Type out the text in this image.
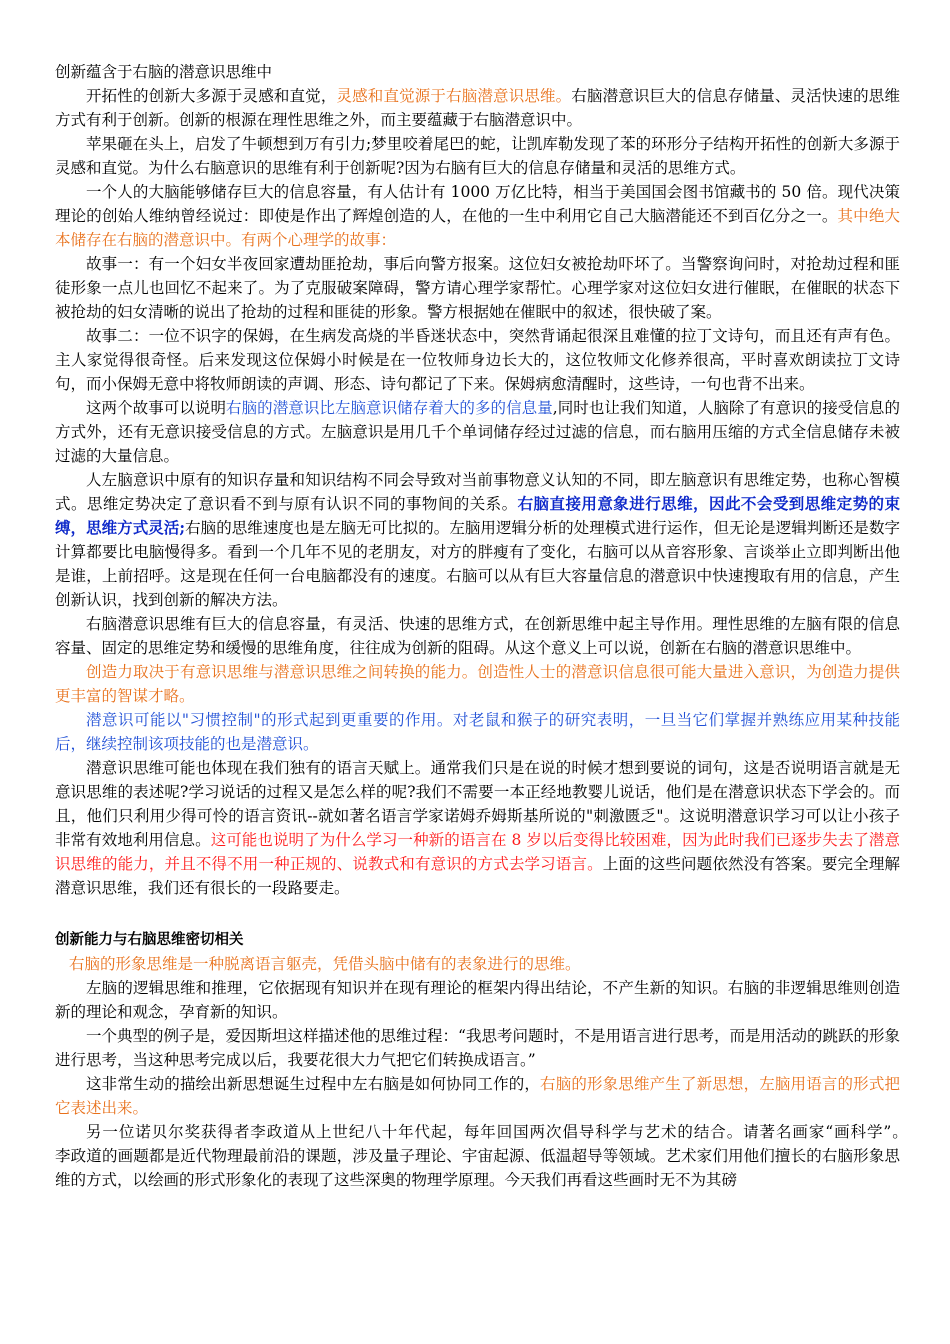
创新蕴含于右脑的潜意识思维中

开拓性的创新大多源于灵感和直觉，灵感和直觉源于右脑潜意识思维。右脑潜意识巨大的信息存储量、灵活快速的思维方式有利于创新。创新的根源在理性思维之外，而主要蕴藏于右脑潜意识中。

苹果砸在头上，启发了牛顿想到万有引力;梦里咬着尾巴的蛇，让凯库勒发现了苯的环形分子结构开拓性的创新大多源于灵感和直觉。为什么右脑意识的思维有利于创新呢?因为右脑有巨大的信息存储量和灵活的思维方式。

一个人的大脑能够储存巨大的信息容量，有人估计有 1000 万亿比特，相当于美国国会图书馆藏书的 50 倍。现代决策理论的创始人维纳曾经说过：即使是作出了辉煌创造的人，在他的一生中利用它自己大脑潜能还不到百亿分之一。其中绝大本储存在右脑的潜意识中。有两个心理学的故事：

故事一：有一个妇女半夜回家遭劫匪抢劫，事后向警方报案。这位妇女被抢劫吓坏了。当警察询问时，对抢劫过程和匪徒形象一点儿也回忆不起来了。为了克服破案障碍，警方请心理学家帮忙。心理学家对这位妇女进行催眠，在催眠的状态下被抢劫的妇女清晰的说出了抢劫的过程和匪徒的形象。警方根据她在催眠中的叙述，很快破了案。

故事二：一位不识字的保姆，在生病发高烧的半昏迷状态中，突然背诵起很深且难懂的拉丁文诗句，而且还有声有色。主人家觉得很奇怪。后来发现这位保姆小时候是在一位牧师身边长大的，这位牧师文化修养很高，平时喜欢朗读拉丁文诗句，而小保姆无意中将牧师朗读的声调、形态、诗句都记了下来。保姆病愈清醒时，这些诗，一句也背不出来。

这两个故事可以说明右脑的潜意识比左脑意识储存着大的多的信息量,同时也让我们知道，人脑除了有意识的接受信息的方式外，还有无意识接受信息的方式。左脑意识是用几千个单词储存经过过滤的信息，而右脑用压缩的方式全信息储存未被过滤的大量信息。

人左脑意识中原有的知识存量和知识结构不同会导致对当前事物意义认知的不同，即左脑意识有思维定势，也称心智模式。思维定势决定了意识看不到与原有认识不同的事物间的关系。右脑直接用意象进行思维，因此不会受到思维定势的束缚，思维方式灵活;右脑的思维速度也是左脑无可比拟的。左脑用逻辑分析的处理模式进行运作，但无论是逻辑判断还是数字计算都要比电脑慢得多。看到一个几年不见的老朋友，对方的胖瘦有了变化，右脑可以从音容形象、言谈举止立即判断出他是谁，上前招呼。这是现在任何一台电脑都没有的速度。右脑可以从有巨大容量信息的潜意识中快速搜取有用的信息，产生创新认识，找到创新的解决方法。

右脑潜意识思维有巨大的信息容量，有灵活、快速的思维方式，在创新思维中起主导作用。理性思维的左脑有限的信息容量、固定的思维定势和缓慢的思维角度，往往成为创新的阻碍。从这个意义上可以说，创新在右脑的潜意识思维中。

创造力取决于有意识思维与潜意识思维之间转换的能力。创造性人士的潜意识信息很可能大量进入意识，为创造力提供更丰富的智谋才略。

潜意识可能以"习惯控制"的形式起到更重要的作用。对老鼠和猴子的研究表明，一旦当它们掌握并熟练应用某种技能后，继续控制该项技能的也是潜意识。

潜意识思维可能也体现在我们独有的语言天赋上。通常我们只是在说的时候才想到要说的词句，这是否说明语言就是无意识思维的表述呢?学习说话的过程又是怎么样的呢?我们不需要一本正经地教婴儿说话，他们是在潜意识状态下学会的。而且，他们只利用少得可怜的语言资讯--就如著名语言学家诺姆乔姆斯基所说的"刺激匮乏"。这说明潜意识学习可以让小孩子非常有效地利用信息。这可能也说明了为什么学习一种新的语言在 8 岁以后变得比较困难，因为此时我们已逐步失去了潜意识思维的能力，并且不得不用一种正规的、说教式和有意识的方式去学习语言。上面的这些问题依然没有答案。要完全理解潜意识思维，我们还有很长的一段路要走。

创新能力与右脑思维密切相关

右脑的形象思维是一种脱离语言躯壳，凭借头脑中储有的表象进行的思维。

左脑的逻辑思维和推理，它依据现有知识并在现有理论的框架内得出结论，不产生新的知识。右脑的非逻辑思维则创造新的理论和观念，孕育新的知识。

一个典型的例子是，爱因斯坦这样描述他的思维过程：“我思考问题时，不是用语言进行思考，而是用活动的跳跃的形象进行思考，当这种思考完成以后，我要花很大力气把它们转换成语言。”

这非常生动的描绘出新思想诞生过程中左右脑是如何协同工作的，右脑的形象思维产生了新思想，左脑用语言的形式把它表述出来。

另一位诺贝尔奖获得者李政道从上世纪八十年代起，每年回国两次倡导科学与艺术的结合。请著名画家“画科学”。　　李政道的画题都是近代物理最前沿的课题，涉及量子理论、宇宙起源、低温超导等领域。艺术家们用他们擅长的右脑形象思维的方式，以绘画的形式形象化的表现了这些深奥的物理学原理。今天我们再看这些画时无不为其磅
